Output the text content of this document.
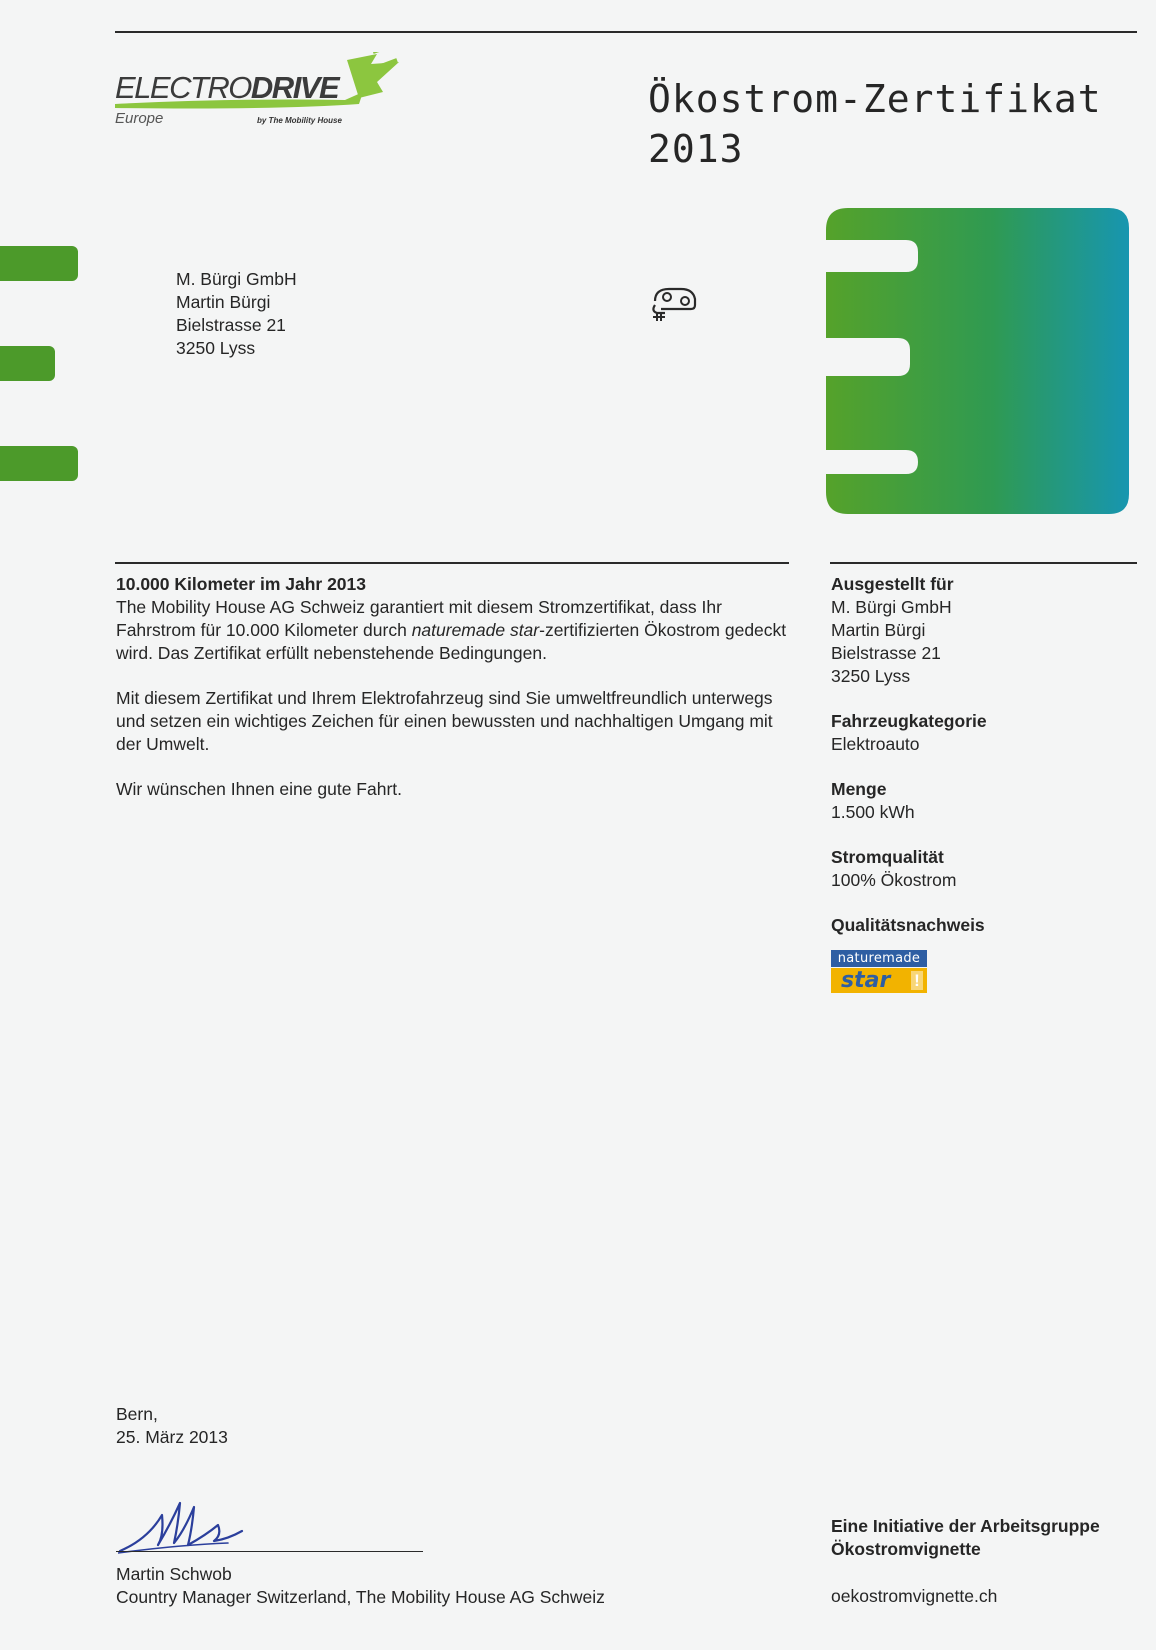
ELECTRODRIVE
Europe	by The Mobility House	Ökostrom-Zertifikat
2013
M. Bürgi GmbH
Martin Bürgi
Bielstrasse 21
3250 Lyss

10.000 Kilometer im Jahr 2013

The Mobility House AG Schweiz garantiert mit diesem Stromzertifikat, dass Ihr Fahrstrom für 10.000 Kilometer durch naturemade star-zertifizierten Ökostrom gedeckt wird. Das Zertifikat erfüllt nebenstehende Bedingungen.

Mit diesem Zertifikat und Ihrem Elektrofahrzeug sind Sie umweltfreundlich unterwegs und setzen ein wichtiges Zeichen für einen bewussten und nachhaltigen Umgang mit der Umwelt.

Wir wünschen Ihnen eine gute Fahrt.

Ausgestellt für

M. Bürgi GmbH

Martin Bürgi

Bielstrasse 21

3250 Lyss

Fahrzeugkategorie

Elektroauto

Menge

1.500 kWh

Stromqualität

100% Ökostrom

Qualitätsnachweis

naturemade
star	!
Bern,
25. März 2013
Martin Schwob
Country Manager Switzerland, The Mobility House AG Schweiz
Eine Initiative der Arbeitsgruppe
Ökostromvignette
oekostromvignette.ch
